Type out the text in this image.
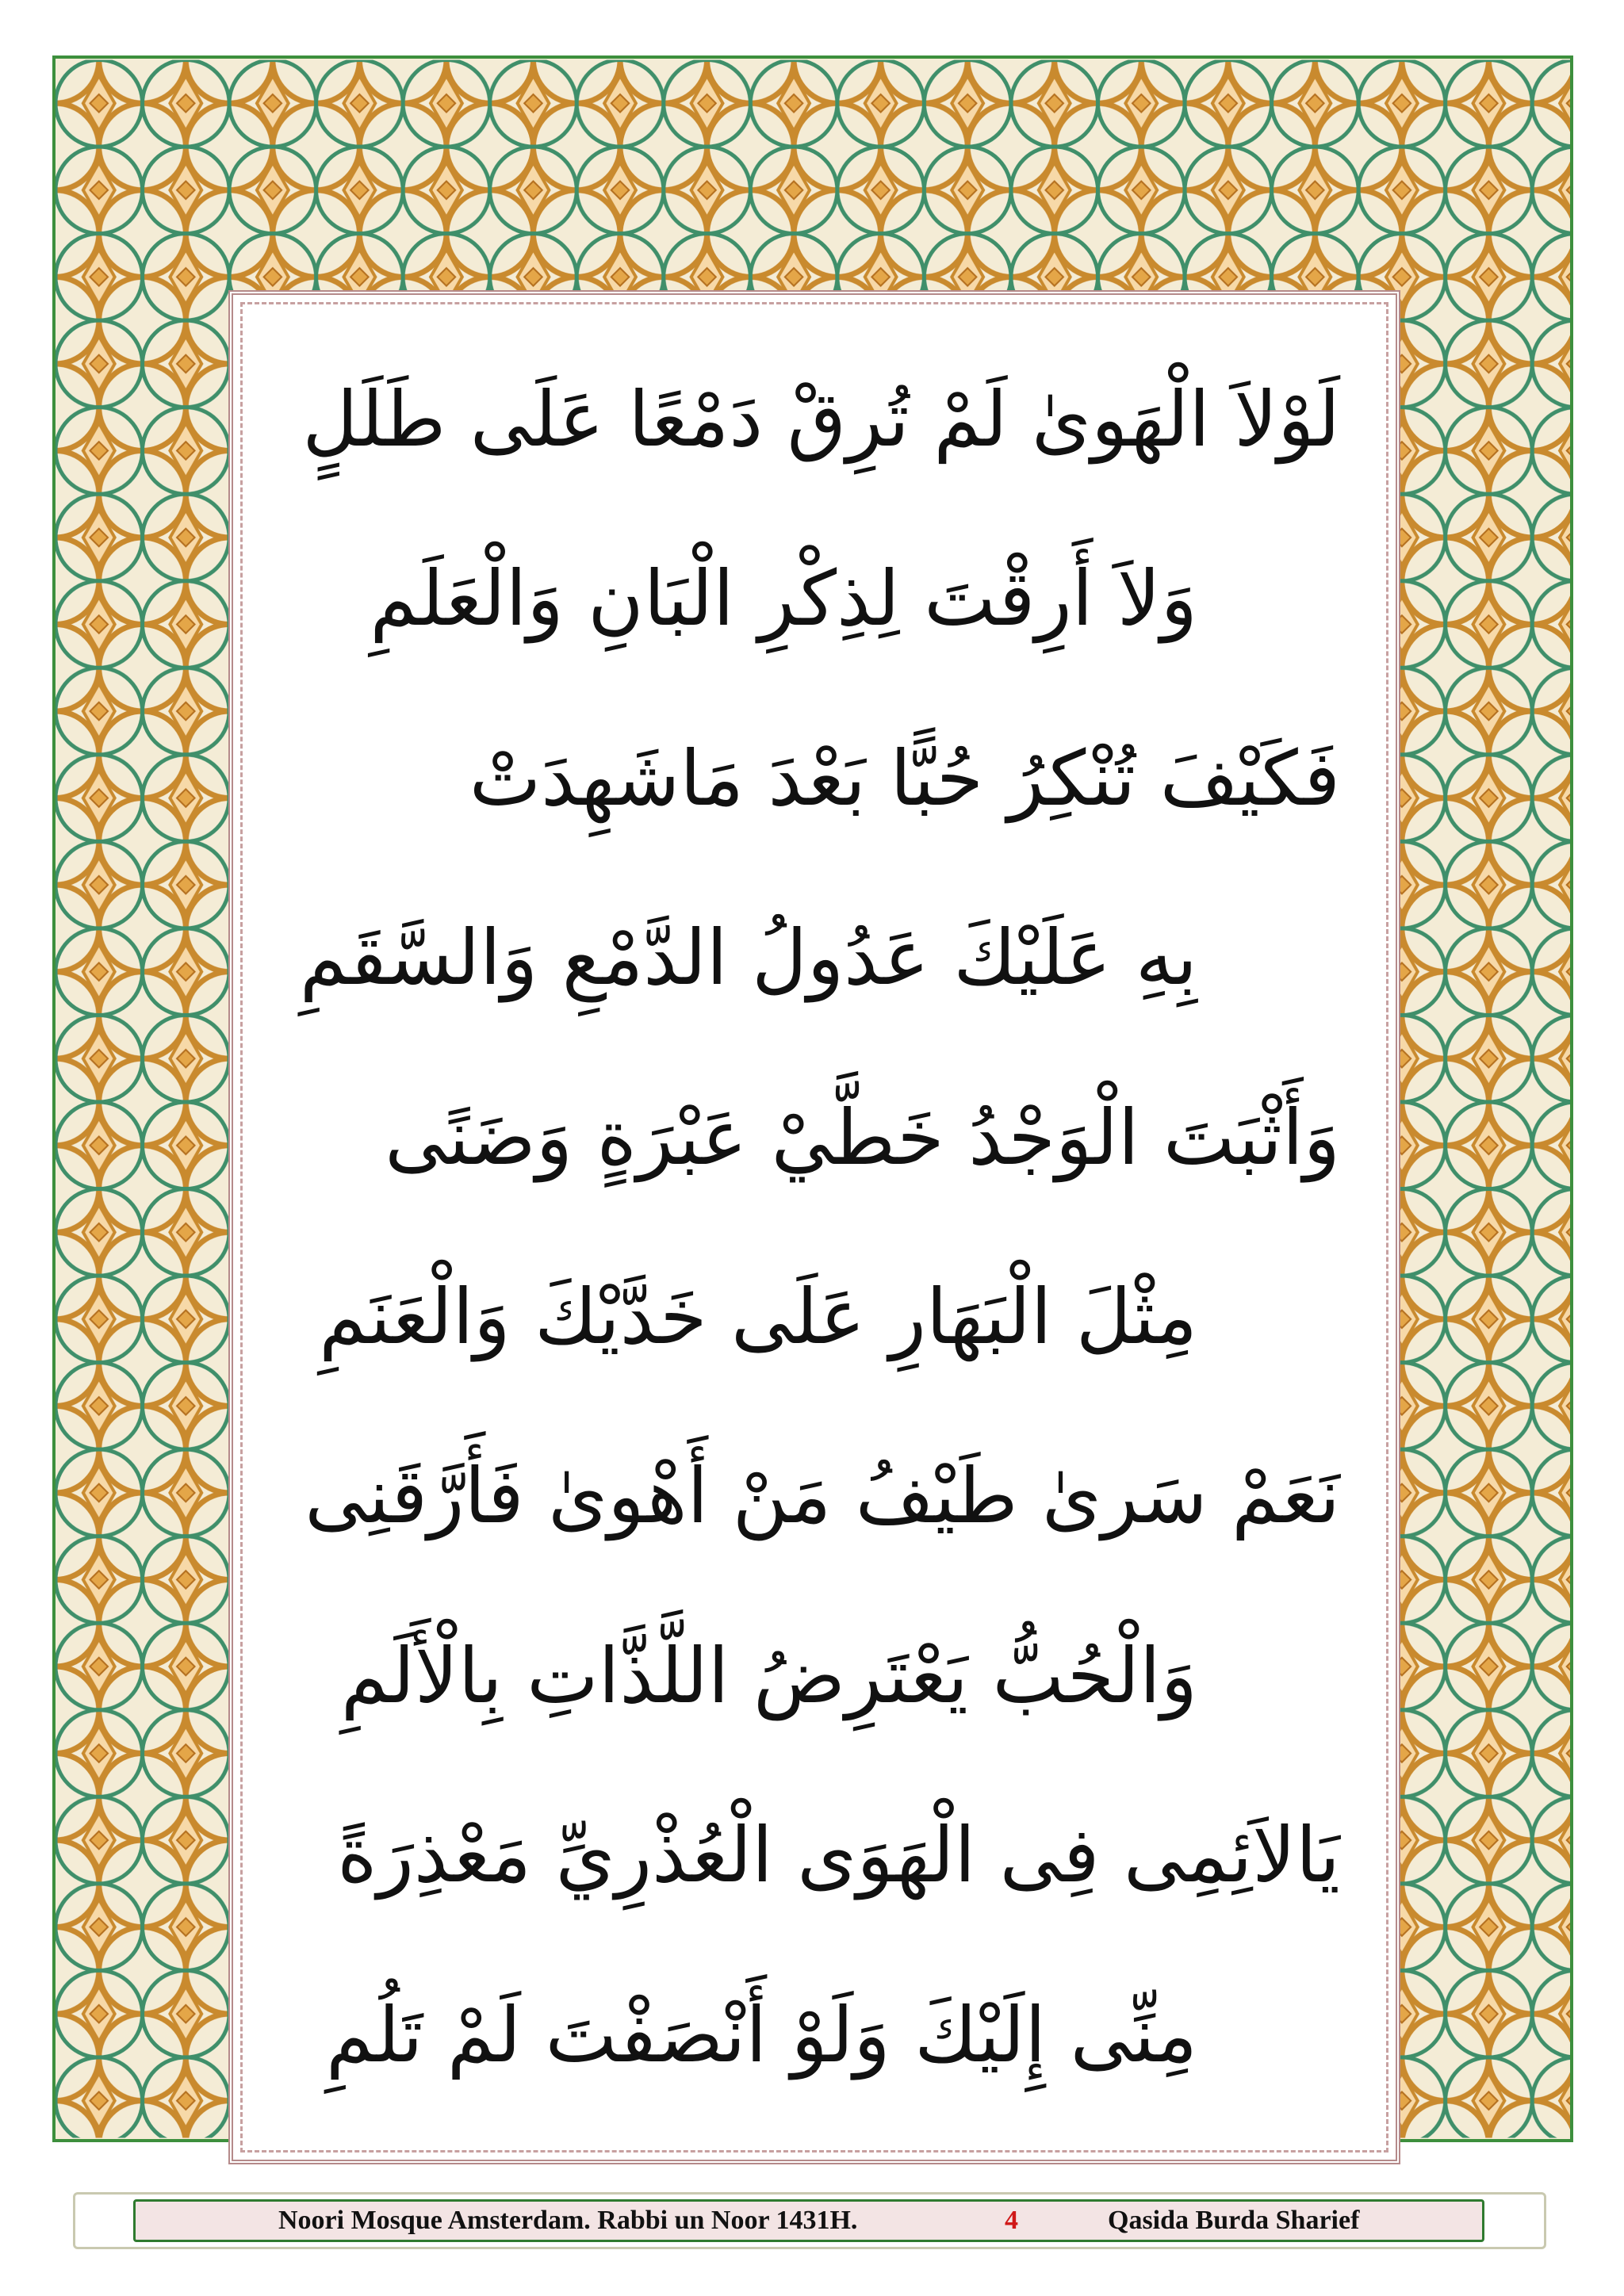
لَوْلاَ الْهَوىٰ لَمْ تُرِقْ دَمْعًا عَلَى طَلَلٍ
وَلاَ أَرِقْتَ لِذِكْرِ الْبَانِ وَالْعَلَمِ
فَكَيْفَ تُنْكِرُ حُبًّا بَعْدَ مَاشَهِدَتْ
بِهِ عَلَيْكَ عَدُولُ الدَّمْعِ وَالسَّقَمِ
وَأَثْبَتَ الْوَجْدُ خَطَّيْ عَبْرَةٍ وَضَنًى
مِثْلَ الْبَهَارِ عَلَى خَدَّيْكَ وَالْعَنَمِ
نَعَمْ سَرىٰ طَيْفُ مَنْ أَهْوىٰ فَأَرَّقَنِى
وَالْحُبُّ يَعْتَرِضُ اللَّذَّاتِ بِالْأَلَمِ
يَالاَئِمِى فِى الْهَوَى الْعُذْرِيِّ مَعْذِرَةً
مِنِّى إِلَيْكَ وَلَوْ أَنْصَفْتَ لَمْ تَلُمِ
Noori Mosque Amsterdam. Rabbi un Noor 1431H.	4	Qasida Burda Sharief
